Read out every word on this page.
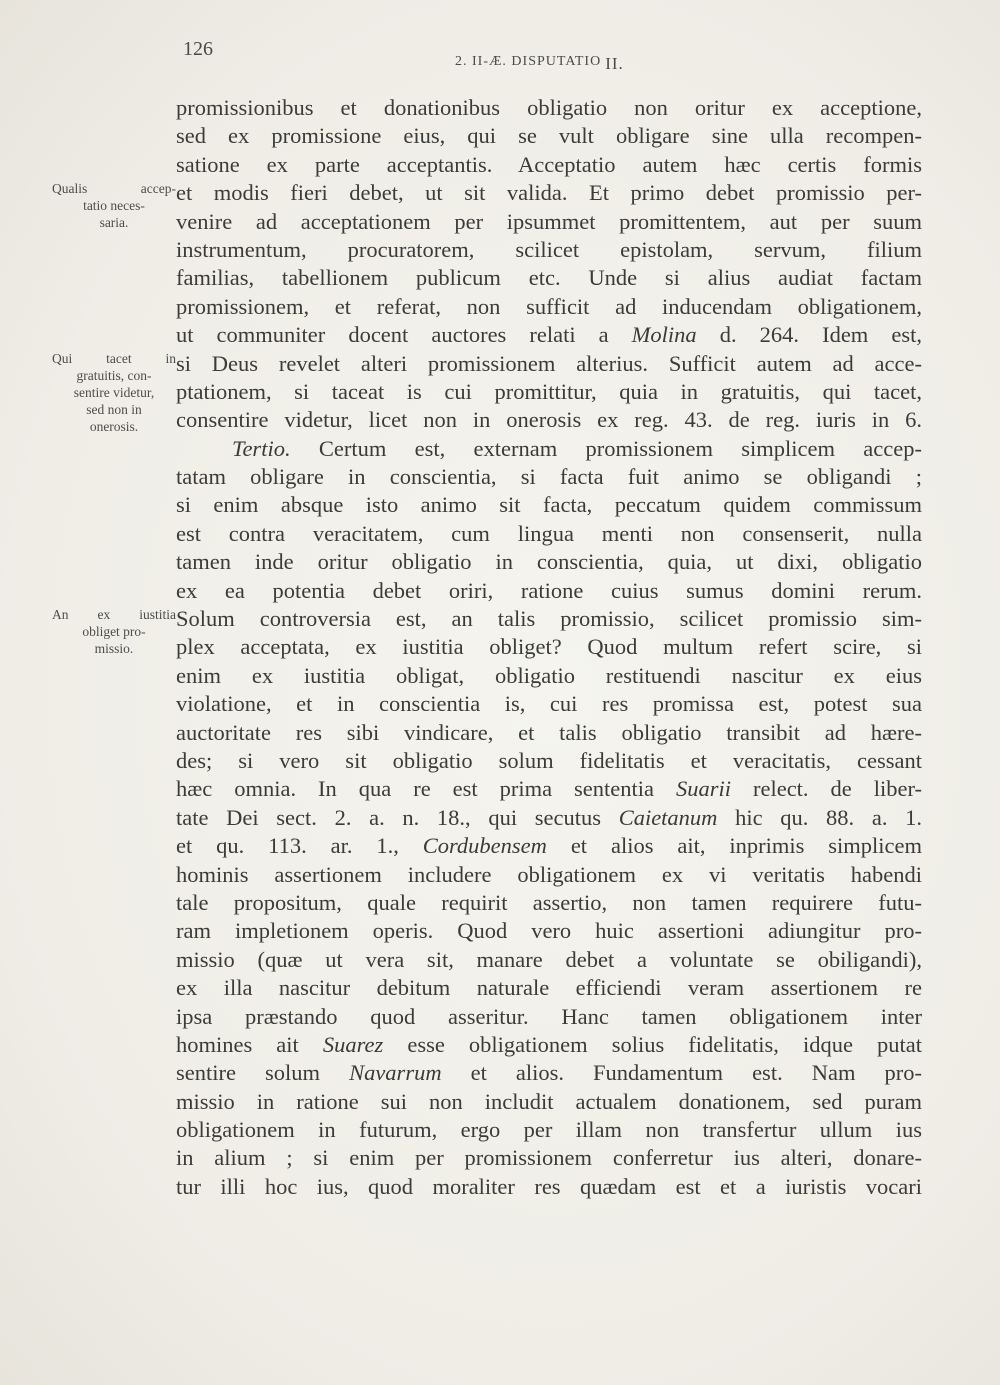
126
2. II-Æ. DISPUTATIO II.
Qualis accep-
tatio neces-
saria.
Qui tacet in
gratuitis, con-
sentire videtur,
sed non in
onerosis.
An ex iustitia
obliget pro-
missio.
promissionibus et donationibus obligatio non oritur ex acceptione,
sed ex promissione eius, qui se vult obligare sine ulla recompen-
satione ex parte acceptantis. Acceptatio autem hæc certis formis
et modis fieri debet, ut sit valida. Et primo debet promissio per-
venire ad acceptationem per ipsummet promittentem, aut per suum
instrumentum, procuratorem, scilicet epistolam, servum, filium
familias, tabellionem publicum etc. Unde si alius audiat factam
promissionem, et referat, non sufficit ad inducendam obligationem,
ut communiter docent auctores relati a Molina d. 264. Idem est,
si Deus revelet alteri promissionem alterius. Sufficit autem ad acce-
ptationem, si taceat is cui promittitur, quia in gratuitis, qui tacet,
consentire videtur, licet non in onerosis ex reg. 43. de reg. iuris in 6.
Tertio. Certum est, externam promissionem simplicem accep-
tatam obligare in conscientia, si facta fuit animo se obligandi ;
si enim absque isto animo sit facta, peccatum quidem commissum
est contra veracitatem, cum lingua menti non consenserit, nulla
tamen inde oritur obligatio in conscientia, quia, ut dixi, obligatio
ex ea potentia debet oriri, ratione cuius sumus domini rerum.
Solum controversia est, an talis promissio, scilicet promissio sim-
plex acceptata, ex iustitia obliget? Quod multum refert scire, si
enim ex iustitia obligat, obligatio restituendi nascitur ex eius
violatione, et in conscientia is, cui res promissa est, potest sua
auctoritate res sibi vindicare, et talis obligatio transibit ad hære-
des; si vero sit obligatio solum fidelitatis et veracitatis, cessant
hæc omnia. In qua re est prima sententia Suarii relect. de liber-
tate Dei sect. 2. a. n. 18., qui secutus Caietanum hic qu. 88. a. 1.
et qu. 113. ar. 1., Cordubensem et alios ait, inprimis simplicem
hominis assertionem includere obligationem ex vi veritatis habendi
tale propositum, quale requirit assertio, non tamen requirere futu-
ram impletionem operis. Quod vero huic assertioni adiungitur pro-
missio (quæ ut vera sit, manare debet a voluntate se obiligandi),
ex illa nascitur debitum naturale efficiendi veram assertionem re
ipsa præstando quod asseritur. Hanc tamen obligationem inter
homines ait Suarez esse obligationem solius fidelitatis, idque putat
sentire solum Navarrum et alios. Fundamentum est. Nam pro-
missio in ratione sui non includit actualem donationem, sed puram
obligationem in futurum, ergo per illam non transfertur ullum ius
in alium ; si enim per promissionem conferretur ius alteri, donare-
tur illi hoc ius, quod moraliter res quædam est et a iuristis vocari
